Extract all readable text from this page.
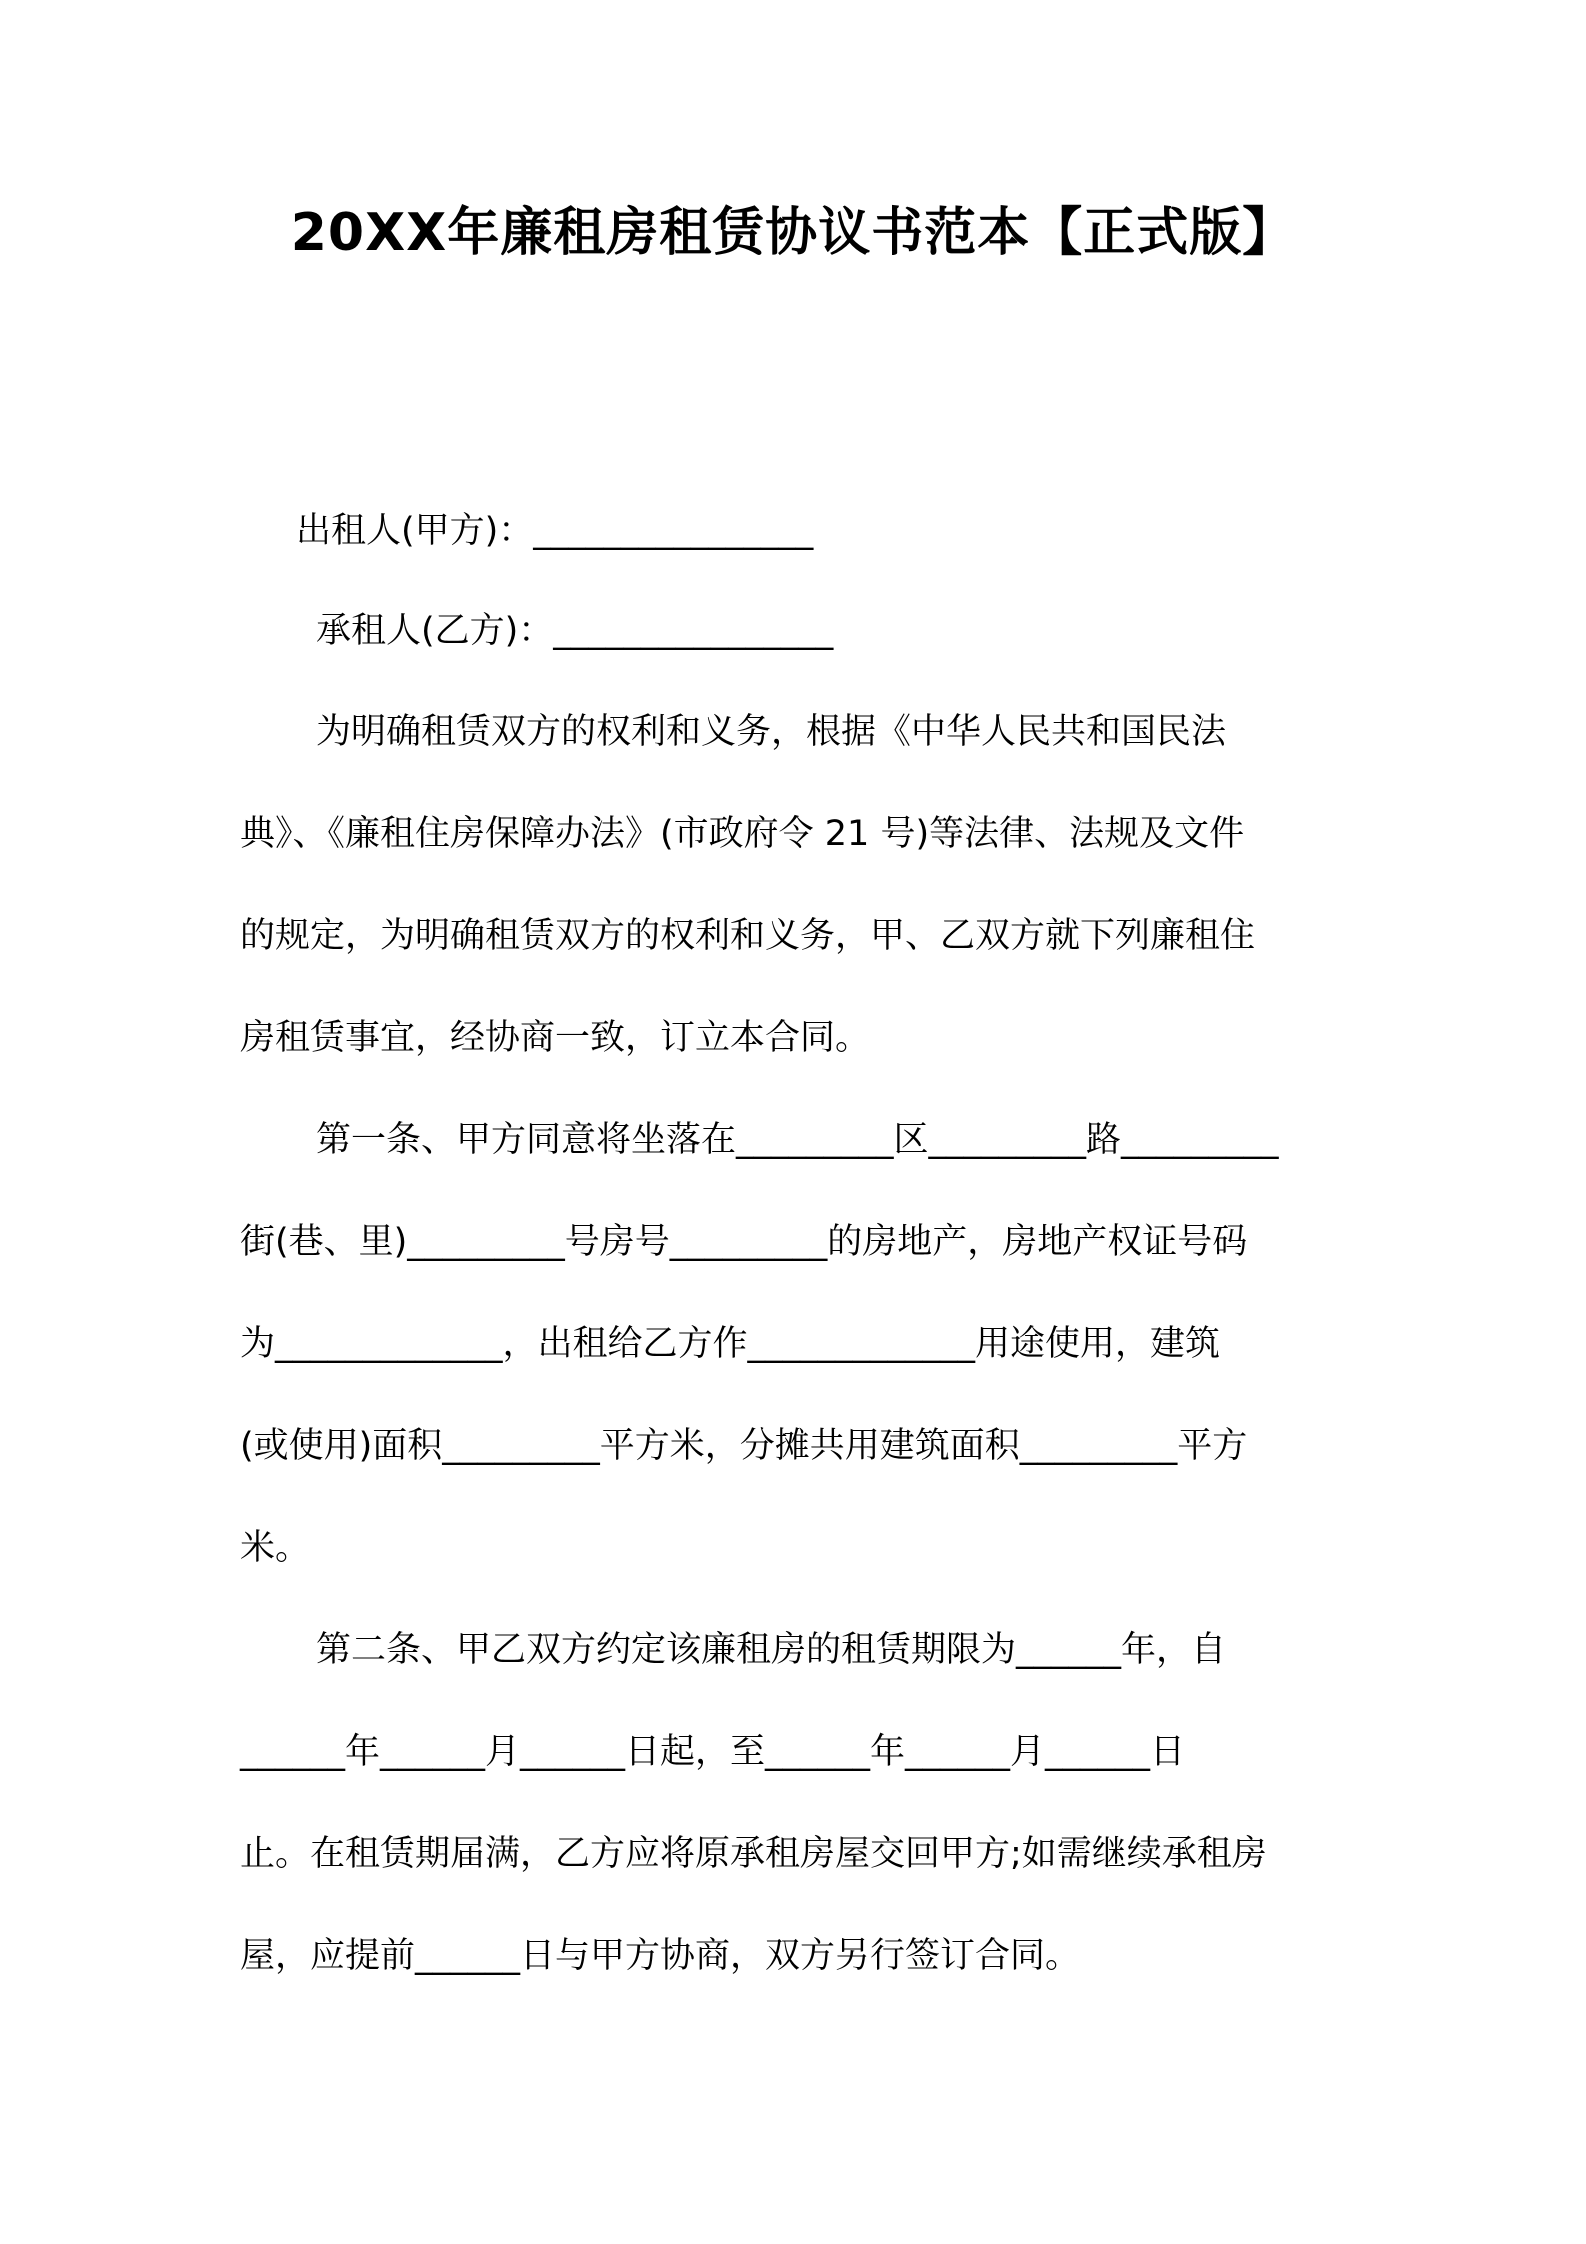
20XX年廉租房租赁协议书范本【正式版】
出租人(甲方)：________________
承租人(乙方)：________________

为明确租赁双方的权利和义务，根据《中华人民共和国民法
典》、《廉租住房保障办法》(市政府令 21 号)等法律、法规及文件
的规定，为明确租赁双方的权利和义务，甲、乙双方就下列廉租住
房租赁事宜，经协商一致，订立本合同。

第一条、甲方同意将坐落在_________区_________路_________
街(巷、里)_________号房号_________的房地产，房地产权证号码
为_____________，出租给乙方作_____________用途使用，建筑
(或使用)面积_________平方米，分摊共用建筑面积_________平方
米。

第二条、甲乙双方约定该廉租房的租赁期限为______年，自
______年______月______日起，至______年______月______日
止。在租赁期届满，乙方应将原承租房屋交回甲方;如需继续承租房
屋，应提前______日与甲方协商，双方另行签订合同。
